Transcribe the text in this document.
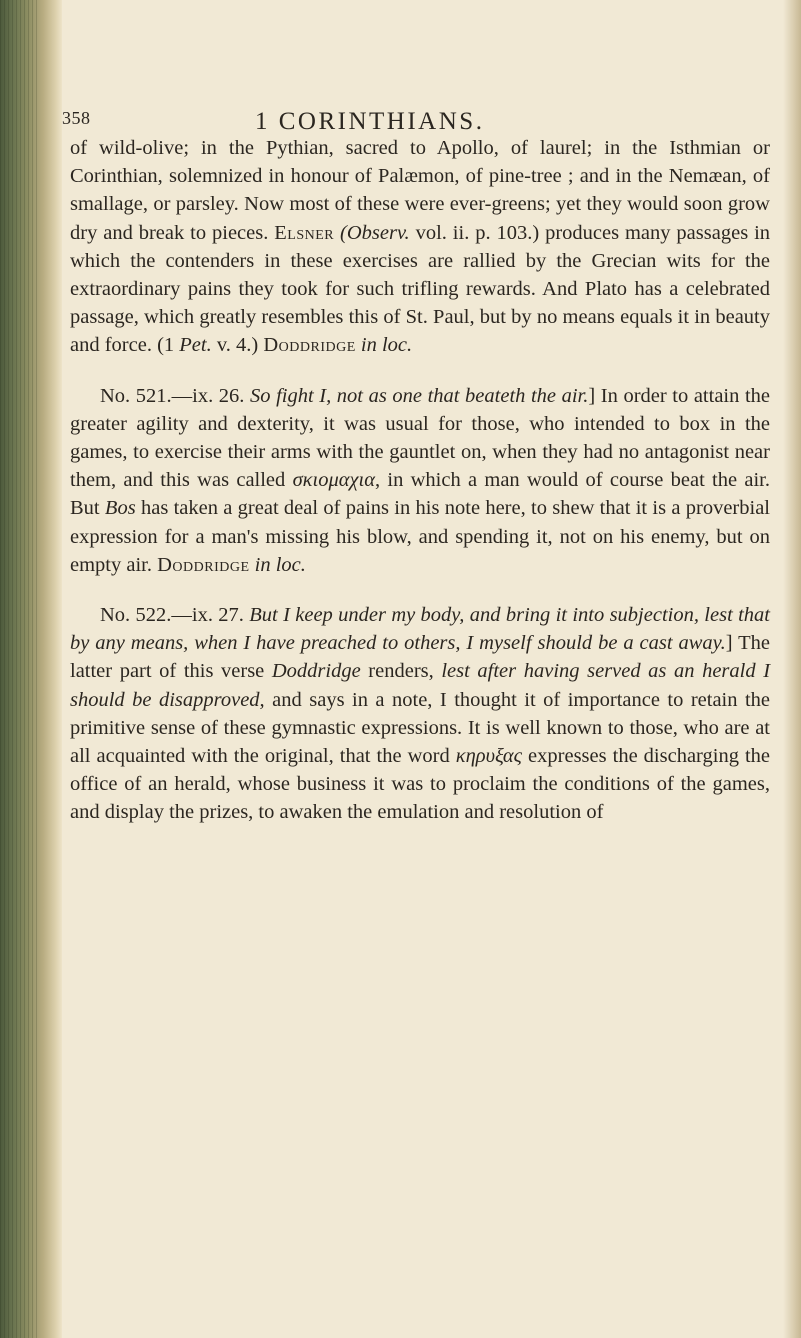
358	1 CORINTHIANS.

of wild-olive; in the Pythian, sacred to Apollo, of laurel; in the Isthmian or Corinthian, solemnized in honour of Palæmon, of pine-tree ; and in the Nemæan, of smallage, or parsley. Now most of these were ever-greens; yet they would soon grow dry and break to pieces. Elsner (Observ. vol. ii. p. 103.) produces many passages in which the contenders in these exercises are rallied by the Grecian wits for the extraordinary pains they took for such trifling rewards. And Plato has a celebrated passage, which greatly resembles this of St. Paul, but by no means equals it in beauty and force. (1 Pet. v. 4.) Doddridge in loc.

No. 521.—ix. 26. So fight I, not as one that beateth the air.] In order to attain the greater agility and dexterity, it was usual for those, who intended to box in the games, to exercise their arms with the gauntlet on, when they had no antagonist near them, and this was called σκιομαχια, in which a man would of course beat the air. But Bos has taken a great deal of pains in his note here, to shew that it is a proverbial expression for a man's missing his blow, and spending it, not on his enemy, but on empty air. Doddridge in loc.

No. 522.—ix. 27. But I keep under my body, and bring it into subjection, lest that by any means, when I have preached to others, I myself should be a cast away.] The latter part of this verse Doddridge renders, lest after having served as an herald I should be disapproved, and says in a note, I thought it of importance to retain the primitive sense of these gymnastic expressions. It is well known to those, who are at all acquainted with the original, that the word κηρυξας expresses the discharging the office of an herald, whose business it was to proclaim the conditions of the games, and display the prizes, to awaken the emulation and resolution of
